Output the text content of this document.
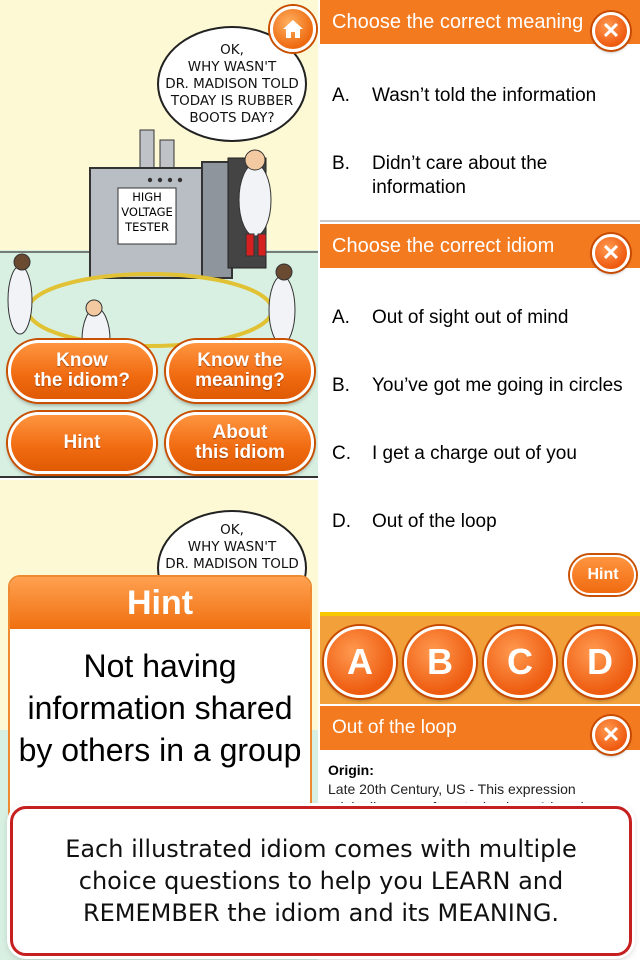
HIGH
VOLTAGE
TESTER
OK,
WHY WASN'T
DR. MADISON TOLD
TODAY IS RUBBER
BOOTS DAY?
Know
the idiom?
Know the
meaning?
Hint	About
this idiom
OK,
WHY WASN'T
DR. MADISON TOLD
Hint
Not having information shared by others in a group
Choose the correct meaning
A. Wasn’t told the information
B. Didn’t care about the information
✕
Choose the correct idiom
A. Out of sight out of mind
B. You’ve got me going in circles
C. I get a charge out of you
D. Out of the loop
✕
Hint
A	B	C	D
Out of the loop
Origin:
Late 20th Century, US - This expression
✕
Each illustrated idiom comes with multiple choice questions to help you LEARN and REMEMBER the idiom and its MEANING.
